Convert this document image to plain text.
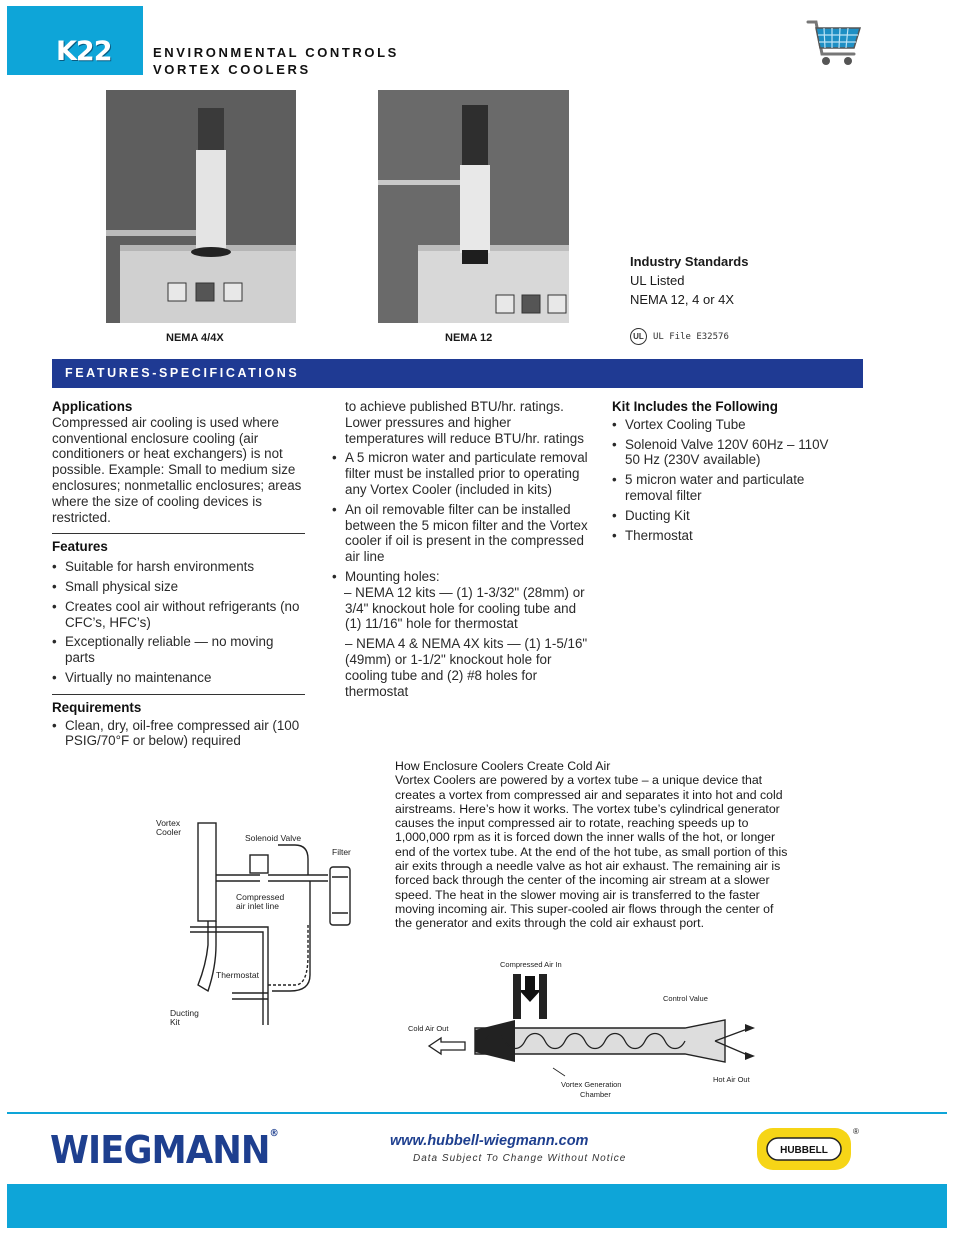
K22	ENVIRONMENTAL CONTROLS
VORTEX COOLERS
NEMA 4/4X	NEMA 12
Industry Standards
UL Listed
NEMA 12, 4 or 4X
UL	UL File E32576
FEATURES-SPECIFICATIONS
Applications

Compressed air cooling is used where conventional enclosure cooling (air conditioners or heat exchangers) is not possible. Example: Small to medium size enclosures; nonmetallic enclosures; areas where the size of cooling devices is restricted.

Features
• Suitable for harsh environments
• Small physical size
• Creates cool air without refrigerants (no CFC’s, HFC’s)
• Exceptionally reliable — no moving parts
• Virtually no maintenance
Requirements
• Clean, dry, oil-free compressed air (100 PSIG/70°F or below) required

to achieve published BTU/hr. ratings. Lower pressures and higher temperatures will reduce BTU/hr. ratings

• A 5 micron water and particulate removal filter must be installed prior to operating any Vortex Cooler (included in kits)
• An oil removable filter can be installed between the 5 micon filter and the Vortex cooler if oil is present in the compressed air line
• Mounting holes:

– NEMA 12 kits — (1) 1-3/32" (28mm) or 3/4" knockout hole for cooling tube and (1) 11/16" hole for thermostat

– NEMA 4 & NEMA 4X kits — (1) 1-5/16" (49mm) or 1-1/2" knockout hole for cooling tube and (2) #8 holes for thermostat

Kit Includes the Following
• Vortex Cooling Tube
• Solenoid Valve 120V 60Hz – 110V 50 Hz (230V available)
• 5 micron water and particulate removal filter
• Ducting Kit
• Thermostat
How Enclosure Coolers Create Cold Air
Vortex Coolers are powered by a vortex tube – a unique device that creates a vortex from compressed air and separates it into hot and cold airstreams. Here’s how it works. The vortex tube’s cylindrical generator causes the input compressed air to rotate, reaching speeds up to 1,000,000 rpm as it is forced down the inner walls of the hot, or longer end of the vortex tube. At the end of the hot tube, as small portion of this air exits through a needle valve as hot air exhaust. The remaining air is forced back through the center of the incoming air stream at a slower speed. The heat in the slower moving air is transferred to the faster moving incoming air. This super-cooled air flows through the center of the generator and exits through the cold air exhaust port.
Vortex
Cooler
Solenoid Valve
Filter
Compressed
air inlet line
Thermostat
Ducting
Kit
Compressed Air In
Control Value
Cold Air Out
Hot Air Out
Vortex Generation
Chamber
WIEGMANN®	www.hubbell-wiegmann.com
Data Subject To Change Without Notice
HUBBELL
®
